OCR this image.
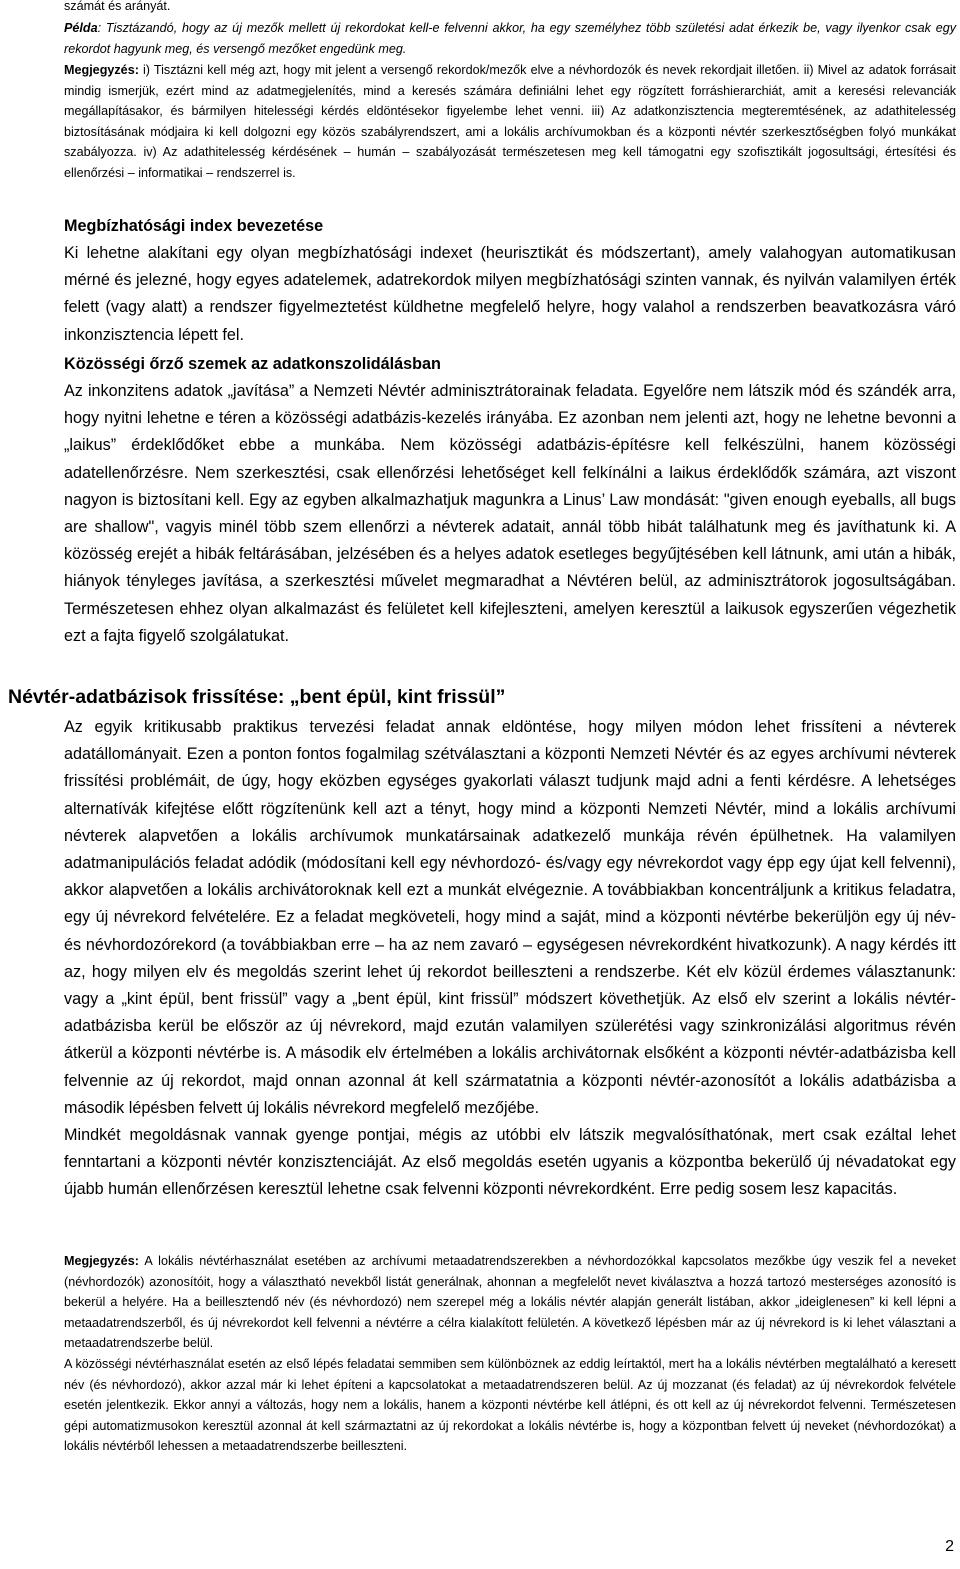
számát és arányát.

Példa: Tisztázandó, hogy az új mezők mellett új rekordokat kell-e felvenni akkor, ha egy személyhez több születési adat érkezik be, vagy ilyenkor csak egy rekordot hagyunk meg, és versengő mezőket engedünk meg.

Megjegyzés: i) Tisztázni kell még azt, hogy mit jelent a versengő rekordok/mezők elve a névhordozók és nevek rekordjait illetően. ii) Mivel az adatok forrásait mindig ismerjük, ezért mind az adatmegjelenítés, mind a keresés számára definiálni lehet egy rögzített forráshierarchiát, amit a keresési relevanciák megállapításakor, és bármilyen hitelességi kérdés eldöntésekor figyelembe lehet venni. iii) Az adatkonzisztencia megteremtésének, az adathitelesség biztosításának módjaira ki kell dolgozni egy közös szabályrendszert, ami a lokális archívumokban és a központi névtér szerkesztőségben folyó munkákat szabályozza. iv) Az adathitelesség kérdésének – humán – szabályozását természetesen meg kell támogatni egy szofisztikált jogosultsági, értesítési és ellenőrzési – informatikai – rendszerrel is.

Megbízhatósági index bevezetése

Ki lehetne alakítani egy olyan megbízhatósági indexet (heurisztikát és módszertant), amely valahogyan automatikusan mérné és jelezné, hogy egyes adatelemek, adatrekordok milyen megbízhatósági szinten vannak, és nyilván valamilyen érték felett (vagy alatt) a rendszer figyelmeztetést küldhetne megfelelő helyre, hogy valahol a rendszerben beavatkozásra váró inkonzisztencia lépett fel.

Közösségi őrző szemek az adatkonszolidálásban

Az inkonzitens adatok „javítása” a Nemzeti Névtér adminisztrátorainak feladata. Egyelőre nem látszik mód és szándék arra, hogy nyitni lehetne e téren a közösségi adatbázis-kezelés irányába. Ez azonban nem jelenti azt, hogy ne lehetne bevonni a „laikus” érdeklődőket ebbe a munkába. Nem közösségi adatbázis-építésre kell felkészülni, hanem közösségi adatellenőrzésre. Nem szerkesztési, csak ellenőrzési lehetőséget kell felkínálni a laikus érdeklődők számára, azt viszont nagyon is biztosítani kell. Egy az egyben alkalmazhatjuk magunkra a Linus’ Law mondását: "given enough eyeballs, all bugs are shallow", vagyis minél több szem ellenőrzi a névterek adatait, annál több hibát találhatunk meg és javíthatunk ki. A közösség erejét a hibák feltárásában, jelzésében és a helyes adatok esetleges begyűjtésében kell látnunk, ami után a hibák, hiányok tényleges javítása, a szerkesztési művelet megmaradhat a Névtéren belül, az adminisztrátorok jogosultságában. Természetesen ehhez olyan alkalmazást és felületet kell kifejleszteni, amelyen keresztül a laikusok egyszerűen végezhetik ezt a fajta figyelő szolgálatukat.

Névtér-adatbázisok frissítése: „bent épül, kint frissül”

Az egyik kritikusabb praktikus tervezési feladat annak eldöntése, hogy milyen módon lehet frissíteni a névterek adatállományait. Ezen a ponton fontos fogalmilag szétválasztani a központi Nemzeti Névtér és az egyes archívumi névterek frissítési problémáit, de úgy, hogy eközben egységes gyakorlati választ tudjunk majd adni a fenti kérdésre. A lehetséges alternatívák kifejtése előtt rögzítenünk kell azt a tényt, hogy mind a központi Nemzeti Névtér, mind a lokális archívumi névterek alapvetően a lokális archívumok munkatársainak adatkezelő munkája révén épülhetnek. Ha valamilyen adatmanipulációs feladat adódik (módosítani kell egy névhordozó- és/vagy egy névrekordot vagy épp egy újat kell felvenni), akkor alapvetően a lokális archivátoroknak kell ezt a munkát elvégeznie. A továbbiakban koncentráljunk a kritikus feladatra, egy új névrekord felvételére. Ez a feladat megköveteli, hogy mind a saját, mind a központi névtérbe bekerüljön egy új név- és névhordozórekord (a továbbiakban erre – ha az nem zavaró – egységesen névrekordként hivatkozunk). A nagy kérdés itt az, hogy milyen elv és megoldás szerint lehet új rekordot beilleszteni a rendszerbe. Két elv közül érdemes választanunk: vagy a „kint épül, bent frissül” vagy a „bent épül, kint frissül” módszert követhetjük. Az első elv szerint a lokális névtér-adatbázisba kerül be először az új névrekord, majd ezután valamilyen szülerétési vagy szinkronizálási algoritmus révén átkerül a központi névtérbe is. A második elv értelmében a lokális archivátornak elsőként a központi névtér-adatbázisba kell felvennie az új rekordot, majd onnan azonnal át kell szármatatnia a központi névtér-azonosítót a lokális adatbázisba a második lépésben felvett új lokális névrekord megfelelő mezőjébe.

Mindkét megoldásnak vannak gyenge pontjai, mégis az utóbbi elv látszik megvalósíthatónak, mert csak ezáltal lehet fenntartani a központi névtér konzisztenciáját. Az első megoldás esetén ugyanis a központba bekerülő új névadatokat egy újabb humán ellenőrzésen keresztül lehetne csak felvenni központi névrekordként. Erre pedig sosem lesz kapacitás.

Megjegyzés: A lokális névtérhasználat esetében az archívumi metaadatrendszerekben a névhordozókkal kapcsolatos mezőkbe úgy veszik fel a neveket (névhordozók) azonosítóit, hogy a választható nevekből listát generálnak, ahonnan a megfelelőt nevet kiválasztva a hozzá tartozó mesterséges azonosító is bekerül a helyére. Ha a beillesztendő név (és névhordozó) nem szerepel még a lokális névtér alapján generált listában, akkor „ideiglenesen” ki kell lépni a metaadatrendszerből, és új névrekordot kell felvenni a névtérre a célra kialakított felületén. A következő lépésben már az új névrekord is ki lehet választani a metaadatrendszerbe belül.

A közösségi névtérhasználat esetén az első lépés feladatai semmiben sem különböznek az eddig leírtaktól, mert ha a lokális névtérben megtalálható a keresett név (és névhordozó), akkor azzal már ki lehet építeni a kapcsolatokat a metaadatrendszeren belül. Az új mozzanat (és feladat) az új névrekordok felvétele esetén jelentkezik. Ekkor annyi a változás, hogy nem a lokális, hanem a központi névtérbe kell átlépni, és ott kell az új névrekordot felvenni. Természetesen gépi automatizmusokon keresztül azonnal át kell származtatni az új rekordokat a lokális névtérbe is, hogy a központban felvett új neveket (névhordozókat) a lokális névtérből lehessen a metaadatrendszerbe beilleszteni.

2
